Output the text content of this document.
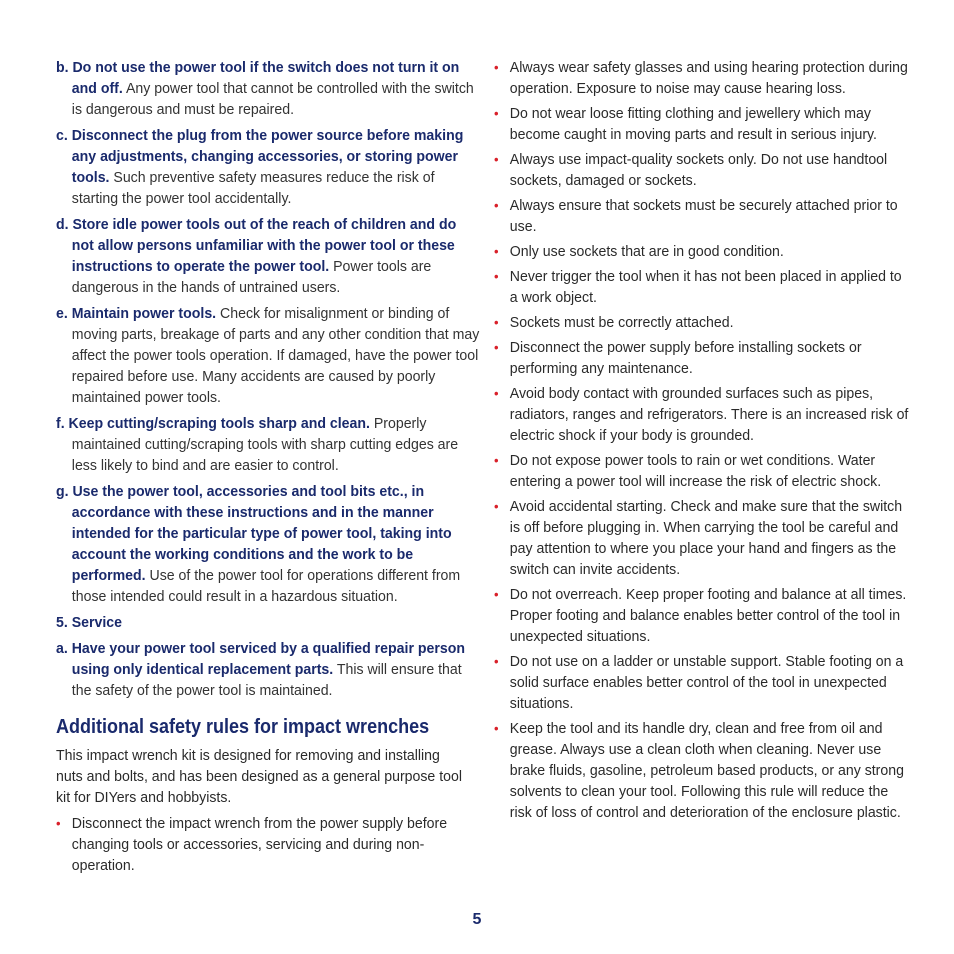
b. Do not use the power tool if the switch does not turn it on and off. Any power tool that cannot be controlled with the switch is dangerous and must be repaired.
c. Disconnect the plug from the power source before making any adjustments, changing accessories, or storing power tools. Such preventive safety measures reduce the risk of starting the power tool accidentally.
d. Store idle power tools out of the reach of children and do not allow persons unfamiliar with the power tool or these instructions to operate the power tool. Power tools are dangerous in the hands of untrained users.
e. Maintain power tools. Check for misalignment or binding of moving parts, breakage of parts and any other condition that may affect the power tools operation. If damaged, have the power tool repaired before use. Many accidents are caused by poorly maintained power tools.
f. Keep cutting/scraping tools sharp and clean. Properly maintained cutting/scraping tools with sharp cutting edges are less likely to bind and are easier to control.
g. Use the power tool, accessories and tool bits etc., in accordance with these instructions and in the manner intended for the particular type of power tool, taking into account the working conditions and the work to be performed. Use of the power tool for operations different from those intended could result in a hazardous situation.
5. Service
a. Have your power tool serviced by a qualified repair person using only identical replacement parts. This will ensure that the safety of the power tool is maintained.
Additional safety rules for impact wrenches
This impact wrench kit is designed for removing and installing nuts and bolts, and has been designed as a general purpose tool kit for DIYers and hobbyists.
• Disconnect the impact wrench from the power supply before changing tools or accessories, servicing and during non-operation.
• Always wear safety glasses and using hearing protection during operation. Exposure to noise may cause hearing loss.
• Do not wear loose fitting clothing and jewellery which may become caught in moving parts and result in serious injury.
• Always use impact-quality sockets only. Do not use handtool sockets, damaged or sockets.
• Always ensure that sockets must be securely attached prior to use.
• Only use sockets that are in good condition.
• Never trigger the tool when it has not been placed in applied to a work object.
• Sockets must be correctly attached.
• Disconnect the power supply before installing sockets or performing any maintenance.
• Avoid body contact with grounded surfaces such as pipes, radiators, ranges and refrigerators. There is an increased risk of electric shock if your body is grounded.
• Do not expose power tools to rain or wet conditions. Water entering a power tool will increase the risk of electric shock.
• Avoid accidental starting. Check and make sure that the switch is off before plugging in. When carrying the tool be careful and pay attention to where you place your hand and fingers as the switch can invite accidents.
• Do not overreach. Keep proper footing and balance at all times. Proper footing and balance enables better control of the tool in unexpected situations.
• Do not use on a ladder or unstable support. Stable footing on a solid surface enables better control of the tool in unexpected situations.
• Keep the tool and its handle dry, clean and free from oil and grease. Always use a clean cloth when cleaning. Never use brake fluids, gasoline, petroleum based products, or any strong solvents to clean your tool. Following this rule will reduce the risk of loss of control and deterioration of the enclosure plastic.
5
